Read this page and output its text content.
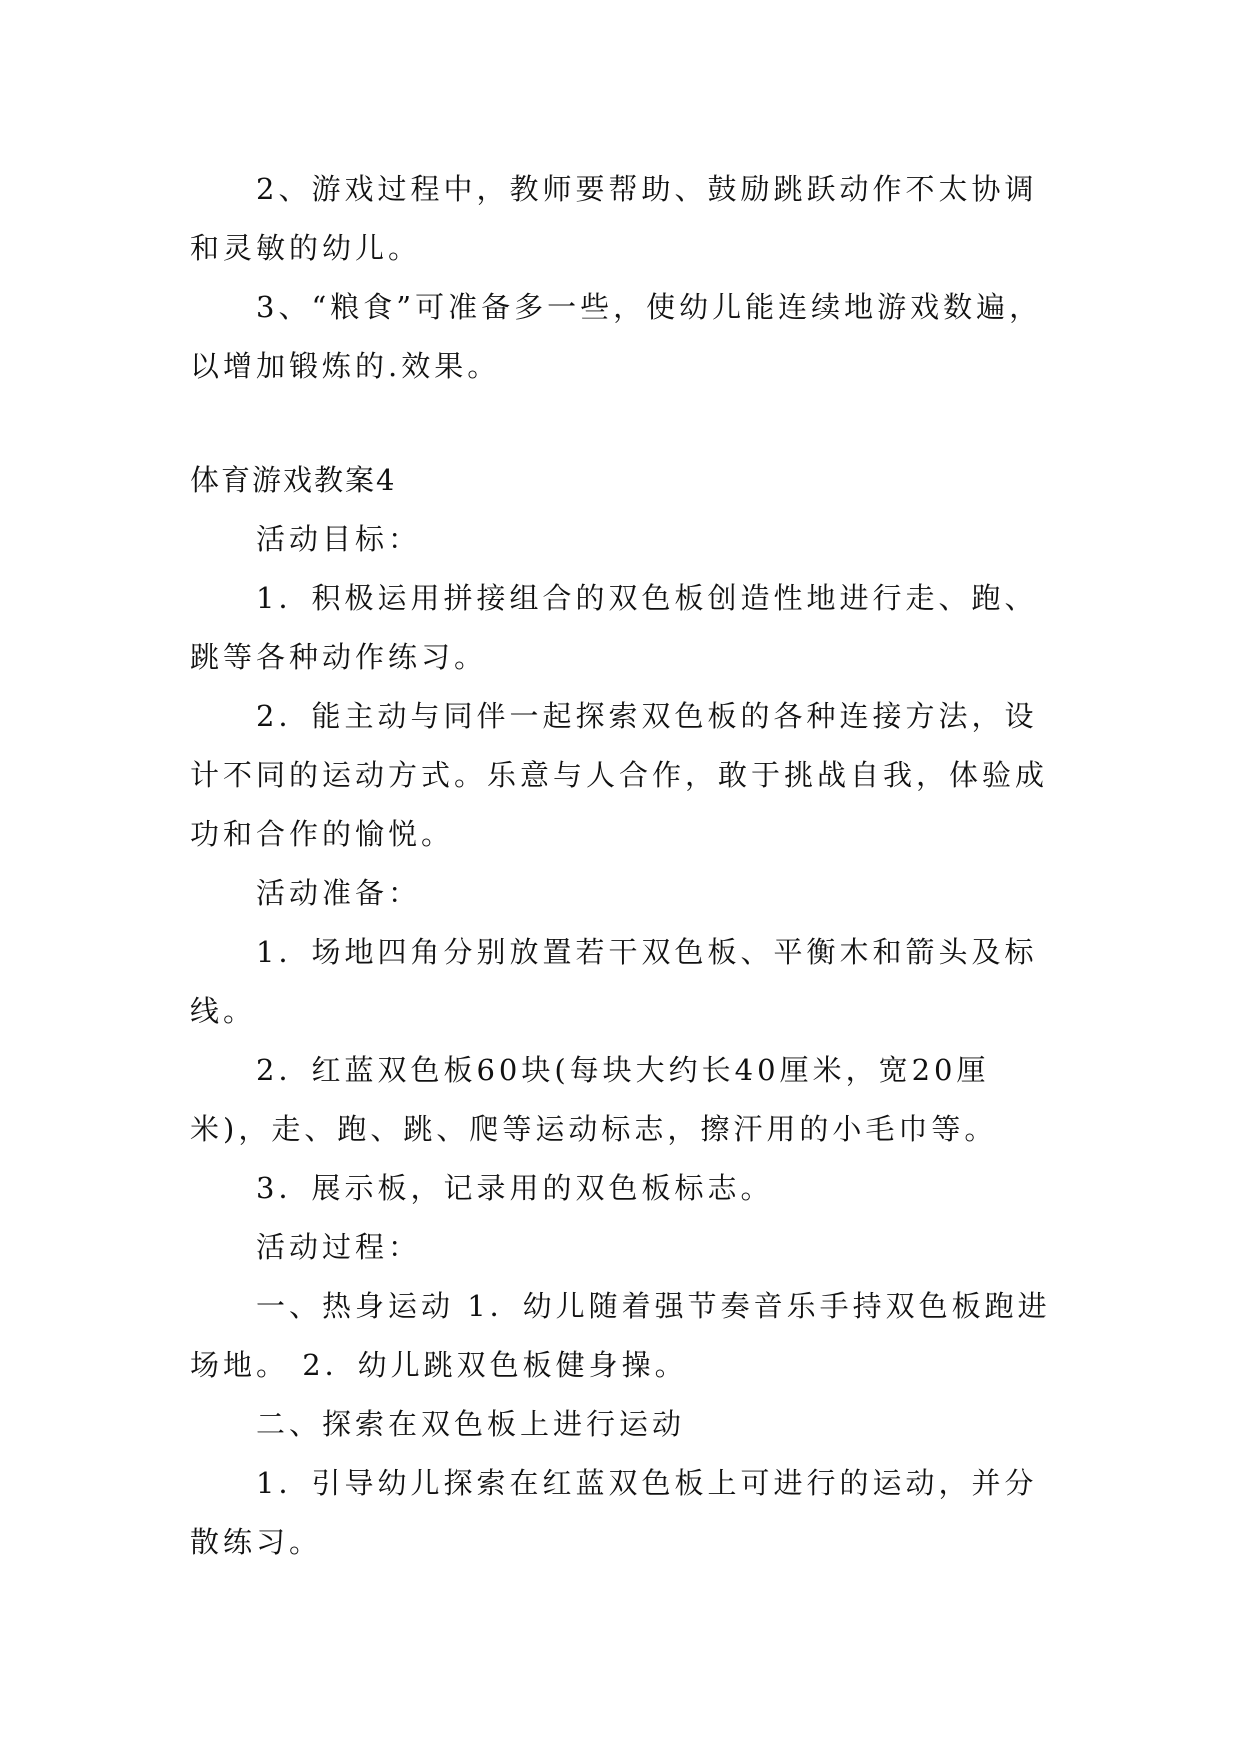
2、游戏过程中，教师要帮助、鼓励跳跃动作不太协调和灵敏的幼儿。

3、“粮食”可准备多一些，使幼儿能连续地游戏数遍，以增加锻炼的.效果。

体育游戏教案4

活动目标：

1．积极运用拼接组合的双色板创造性地进行走、跑、跳等各种动作练习。

2．能主动与同伴一起探索双色板的各种连接方法，设计不同的运动方式。乐意与人合作，敢于挑战自我，体验成功和合作的愉悦。

活动准备：

1．场地四角分别放置若干双色板、平衡木和箭头及标线。

2．红蓝双色板60块(每块大约长40厘米，宽20厘米)，走、跑、跳、爬等运动标志，擦汗用的小毛巾等。

3．展示板，记录用的双色板标志。

活动过程：

一、热身运动 1．幼儿随着强节奏音乐手持双色板跑进场地。 2．幼儿跳双色板健身操。

二、探索在双色板上进行运动

1．引导幼儿探索在红蓝双色板上可进行的运动，并分散练习。
